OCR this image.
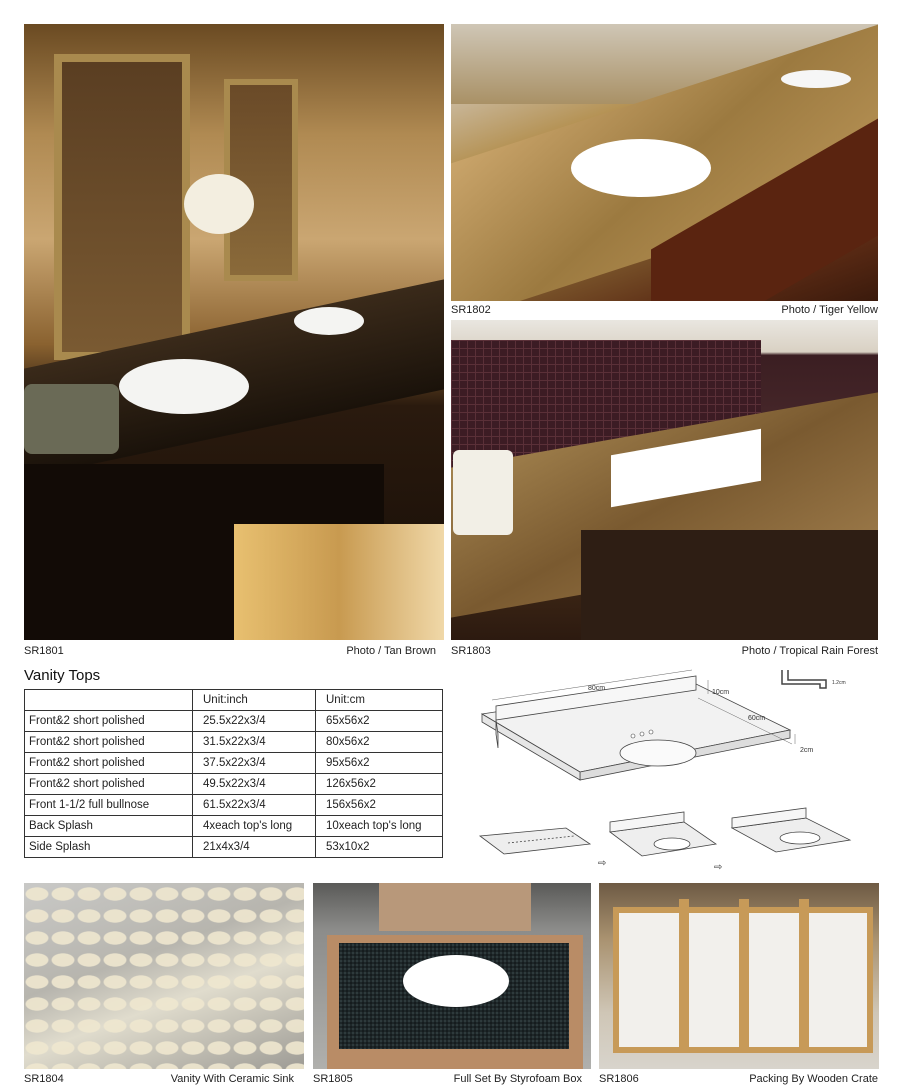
SR1801	Photo / Tan Brown
SR1802	Photo / Tiger Yellow
SR1803	Photo / Tropical Rain Forest
Vanity Tops
	Unit:inch	Unit:cm
Front&2 short polished	25.5x22x3/4	65x56x2
Front&2 short polished	31.5x22x3/4	80x56x2
Front&2 short polished	37.5x22x3/4	95x56x2
Front&2 short polished	49.5x22x3/4	126x56x2
Front 1-1/2 full bullnose	61.5x22x3/4	156x56x2
Back Splash	4xeach top's long	10xeach top's long
Side Splash	21x4x3/4	53x10x2
80cm
10cm
60cm
2cm
1.2cm
⇨	⇨
SR1804	Vanity With Ceramic Sink SR1805	Full Set By Styrofoam Box SR1806	Packing By Wooden Crate
